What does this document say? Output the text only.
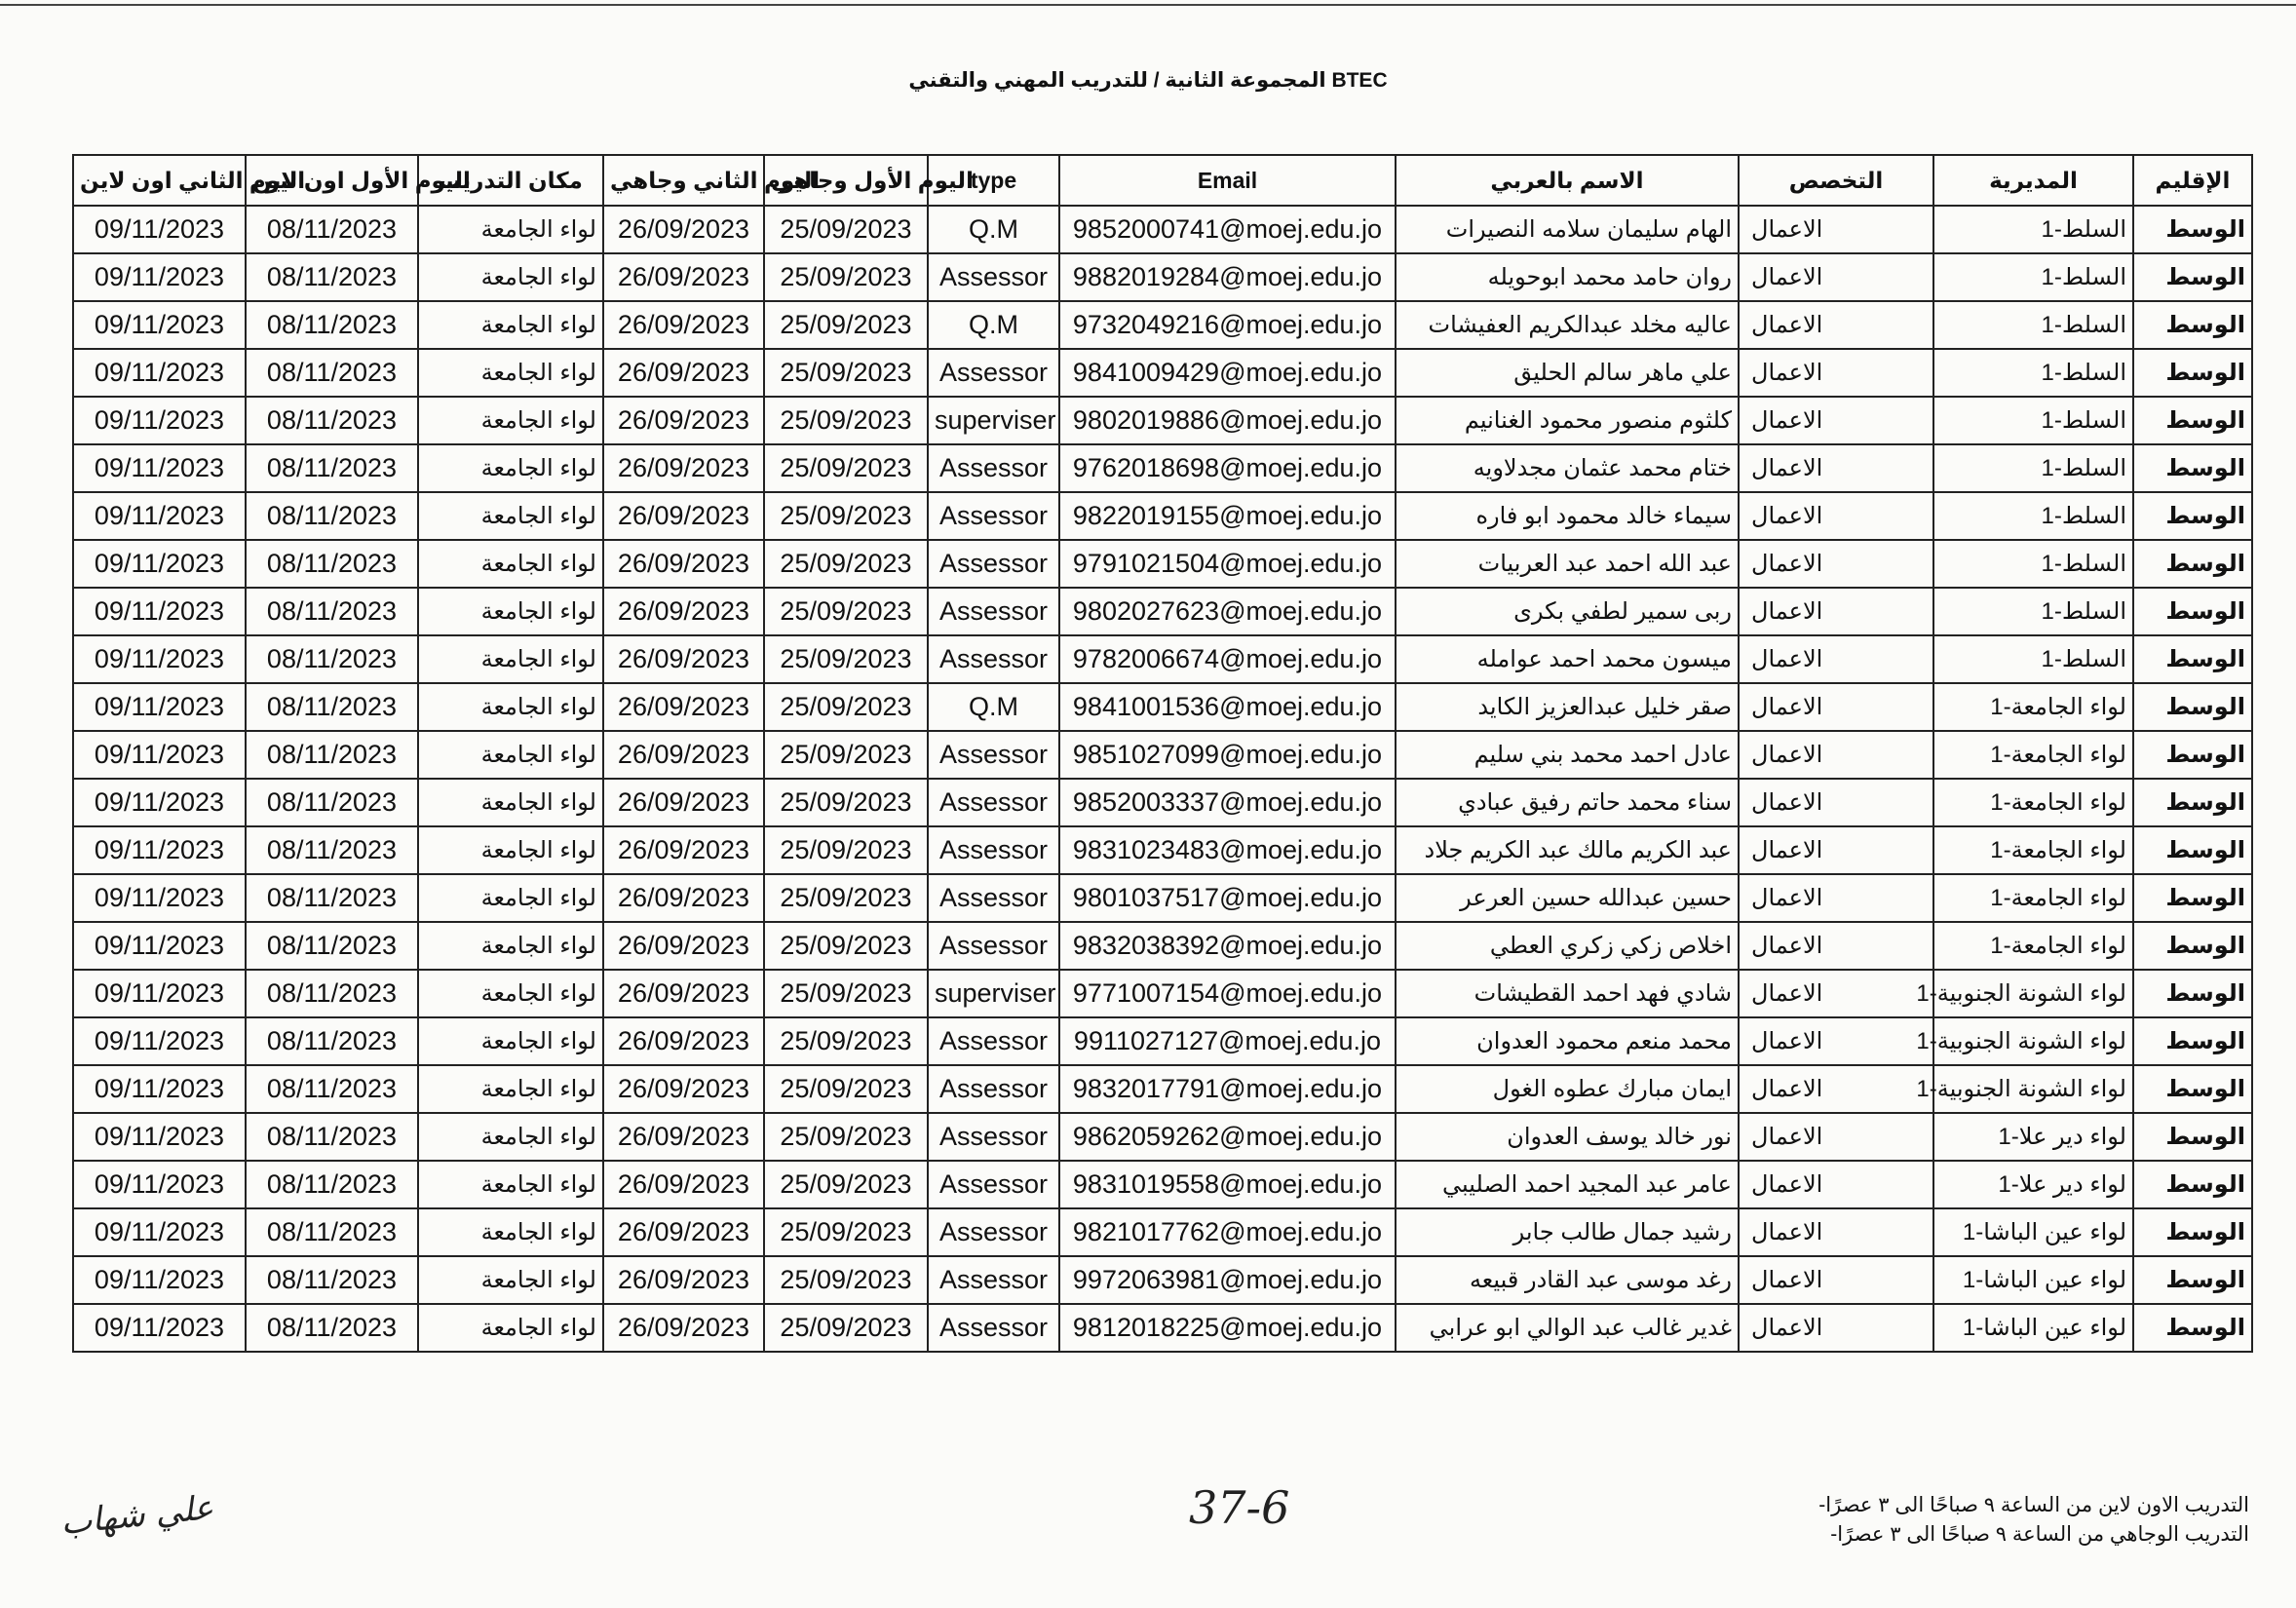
المجموعة الثانية / للتدريب المهني والتقني BTEC
اليوم الثاني اون لاين	اليوم الأول اون لاين	مكان التدريب	اليوم الثاني وجاهي	اليوم الأول وجاهي	type	Email	الاسم بالعربي	التخصص	المديرية	الإقليم
09/11/2023	08/11/2023	لواء الجامعة	26/09/2023	25/09/2023	Q.M	9852000741@moej.edu.jo	الهام سليمان سلامه النصيرات	الاعمال	السلط-1	الوسط
09/11/2023	08/11/2023	لواء الجامعة	26/09/2023	25/09/2023	Assessor	9882019284@moej.edu.jo	روان حامد محمد ابوحويله	الاعمال	السلط-1	الوسط
09/11/2023	08/11/2023	لواء الجامعة	26/09/2023	25/09/2023	Q.M	9732049216@moej.edu.jo	عاليه مخلد عبدالكريم العفيشات	الاعمال	السلط-1	الوسط
09/11/2023	08/11/2023	لواء الجامعة	26/09/2023	25/09/2023	Assessor	9841009429@moej.edu.jo	علي ماهر سالم الحليق	الاعمال	السلط-1	الوسط
09/11/2023	08/11/2023	لواء الجامعة	26/09/2023	25/09/2023	superviser	9802019886@moej.edu.jo	كلثوم منصور محمود الغنانيم	الاعمال	السلط-1	الوسط
09/11/2023	08/11/2023	لواء الجامعة	26/09/2023	25/09/2023	Assessor	9762018698@moej.edu.jo	ختام محمد عثمان مجدلاويه	الاعمال	السلط-1	الوسط
09/11/2023	08/11/2023	لواء الجامعة	26/09/2023	25/09/2023	Assessor	9822019155@moej.edu.jo	سيماء خالد محمود ابو فاره	الاعمال	السلط-1	الوسط
09/11/2023	08/11/2023	لواء الجامعة	26/09/2023	25/09/2023	Assessor	9791021504@moej.edu.jo	عبد الله احمد عبد العربيات	الاعمال	السلط-1	الوسط
09/11/2023	08/11/2023	لواء الجامعة	26/09/2023	25/09/2023	Assessor	9802027623@moej.edu.jo	ربى سمير لطفي بكرى	الاعمال	السلط-1	الوسط
09/11/2023	08/11/2023	لواء الجامعة	26/09/2023	25/09/2023	Assessor	9782006674@moej.edu.jo	ميسون محمد احمد عوامله	الاعمال	السلط-1	الوسط
09/11/2023	08/11/2023	لواء الجامعة	26/09/2023	25/09/2023	Q.M	9841001536@moej.edu.jo	صقر خليل عبدالعزيز الكايد	الاعمال	لواء الجامعة-1	الوسط
09/11/2023	08/11/2023	لواء الجامعة	26/09/2023	25/09/2023	Assessor	9851027099@moej.edu.jo	عادل احمد محمد بني سليم	الاعمال	لواء الجامعة-1	الوسط
09/11/2023	08/11/2023	لواء الجامعة	26/09/2023	25/09/2023	Assessor	9852003337@moej.edu.jo	سناء محمد حاتم رفيق عبادي	الاعمال	لواء الجامعة-1	الوسط
09/11/2023	08/11/2023	لواء الجامعة	26/09/2023	25/09/2023	Assessor	9831023483@moej.edu.jo	عبد الكريم مالك عبد الكريم جلاد	الاعمال	لواء الجامعة-1	الوسط
09/11/2023	08/11/2023	لواء الجامعة	26/09/2023	25/09/2023	Assessor	9801037517@moej.edu.jo	حسين عبدالله حسين العرعر	الاعمال	لواء الجامعة-1	الوسط
09/11/2023	08/11/2023	لواء الجامعة	26/09/2023	25/09/2023	Assessor	9832038392@moej.edu.jo	اخلاص زكي زكري العطي	الاعمال	لواء الجامعة-1	الوسط
09/11/2023	08/11/2023	لواء الجامعة	26/09/2023	25/09/2023	superviser	9771007154@moej.edu.jo	شادي فهد احمد القطيشات	الاعمال	لواء الشونة الجنوبية-1	الوسط
09/11/2023	08/11/2023	لواء الجامعة	26/09/2023	25/09/2023	Assessor	9911027127@moej.edu.jo	محمد منعم محمود العدوان	الاعمال	لواء الشونة الجنوبية-1	الوسط
09/11/2023	08/11/2023	لواء الجامعة	26/09/2023	25/09/2023	Assessor	9832017791@moej.edu.jo	ايمان مبارك عطوه الغول	الاعمال	لواء الشونة الجنوبية-1	الوسط
09/11/2023	08/11/2023	لواء الجامعة	26/09/2023	25/09/2023	Assessor	9862059262@moej.edu.jo	نور خالد يوسف العدوان	الاعمال	لواء دير علا-1	الوسط
09/11/2023	08/11/2023	لواء الجامعة	26/09/2023	25/09/2023	Assessor	9831019558@moej.edu.jo	عامر عبد المجيد احمد الصليبي	الاعمال	لواء دير علا-1	الوسط
09/11/2023	08/11/2023	لواء الجامعة	26/09/2023	25/09/2023	Assessor	9821017762@moej.edu.jo	رشيد جمال طالب جابر	الاعمال	لواء عين الباشا-1	الوسط
09/11/2023	08/11/2023	لواء الجامعة	26/09/2023	25/09/2023	Assessor	9972063981@moej.edu.jo	رغد موسى عبد القادر قبيعه	الاعمال	لواء عين الباشا-1	الوسط
09/11/2023	08/11/2023	لواء الجامعة	26/09/2023	25/09/2023	Assessor	9812018225@moej.edu.jo	غدير غالب عبد الوالي ابو عرابي	الاعمال	لواء عين الباشا-1	الوسط
التدريب الاون لاين من الساعة ٩ صباحًا الى ٣ عصرًا-
التدريب الوجاهي من الساعة ٩ صباحًا الى ٣ عصرًا-
37-6
علي شهاب
